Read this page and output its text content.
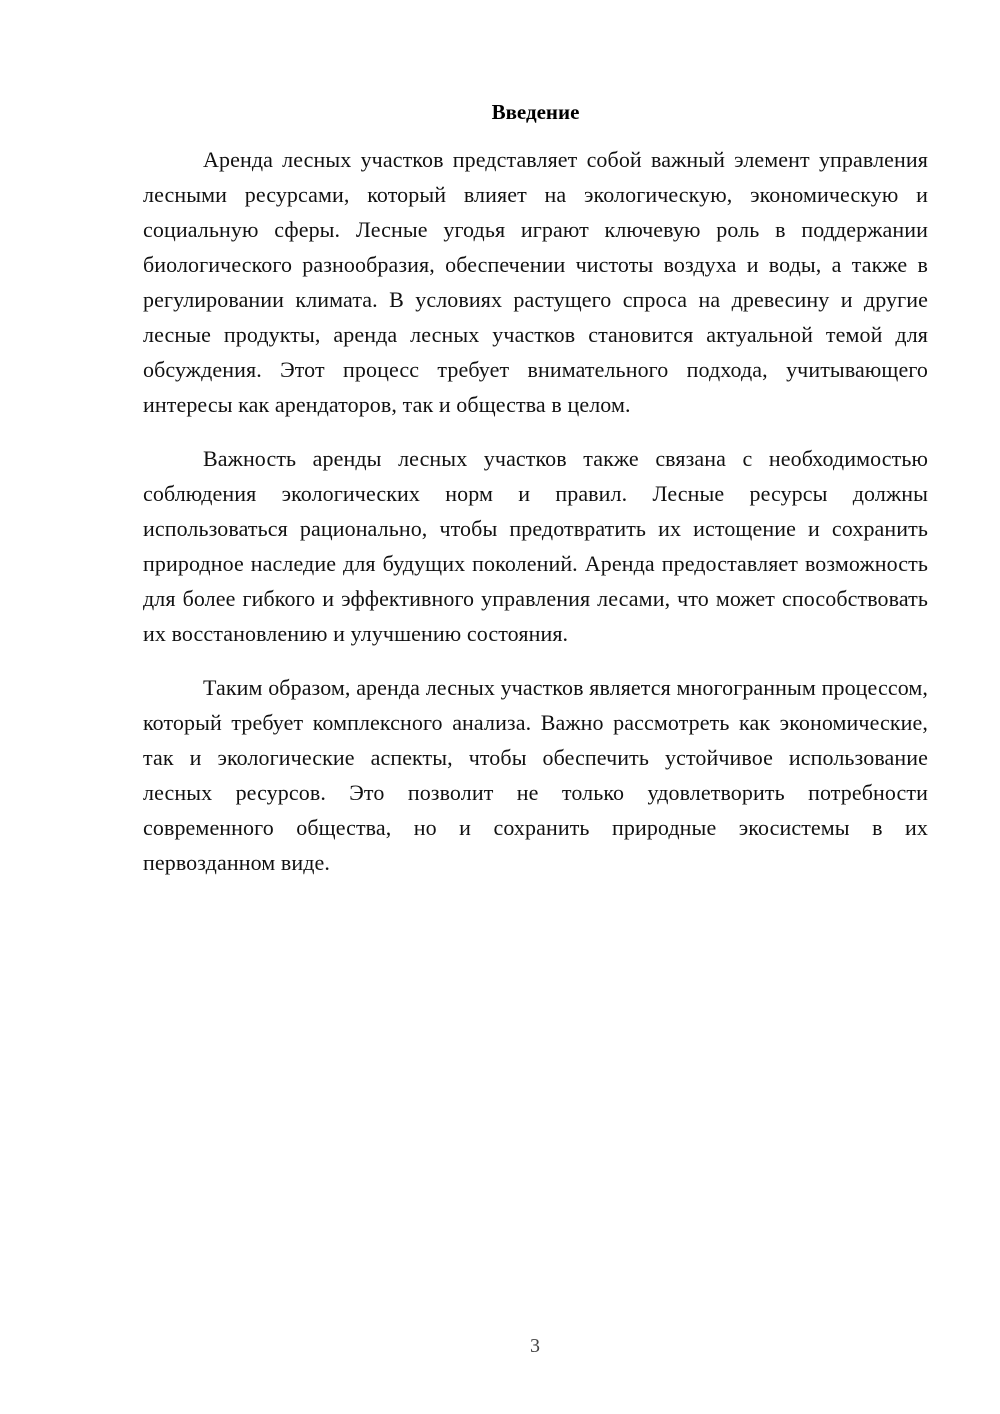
Введение

Аренда лесных участков представляет собой важный элемент управления лесными ресурсами, который влияет на экологическую, экономическую и социальную сферы. Лесные угодья играют ключевую роль в поддержании биологического разнообразия, обеспечении чистоты воздуха и воды, а также в регулировании климата. В условиях растущего спроса на древесину и другие лесные продукты, аренда лесных участков становится актуальной темой для обсуждения. Этот процесс требует внимательного подхода, учитывающего интересы как арендаторов, так и общества в целом.

Важность аренды лесных участков также связана с необходимостью соблюдения экологических норм и правил. Лесные ресурсы должны использоваться рационально, чтобы предотвратить их истощение и сохранить природное наследие для будущих поколений. Аренда предоставляет возможность для более гибкого и эффективного управления лесами, что может способствовать их восстановлению и улучшению состояния.

Таким образом, аренда лесных участков является многогранным процессом, который требует комплексного анализа. Важно рассмотреть как экономические, так и экологические аспекты, чтобы обеспечить устойчивое использование лесных ресурсов. Это позволит не только удовлетворить потребности современного общества, но и сохранить природные экосистемы в их первозданном виде.

3
